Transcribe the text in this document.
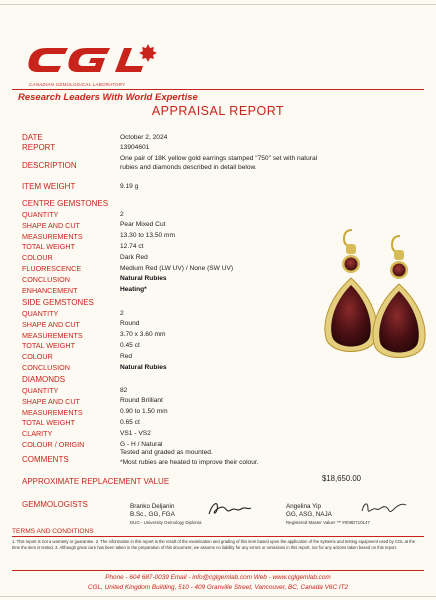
CANADIAN GEMOLOGICAL LABORATORY
Research Leaders With World Expertise
APPRAISAL REPORT
DATE	October 2, 2024
REPORT	13904601
DESCRIPTION
One pair of 18K yellow gold earrings stamped "750" set with natural rubies and diamonds described in detail below.
ITEM WEIGHT	9.19 g
CENTRE GEMSTONES
QUANTITY	2
SHAPE AND CUT	Pear Mixed Cut
MEASUREMENTS	13.30 to 13.50 mm
TOTAL WEIGHT	12.74 ct
COLOUR	Dark Red
FLUORESCENCE	Medium Red (LW UV) / None (SW UV)
CONCLUSION	Natural Rubies
ENHANCEMENT	Heating*
SIDE GEMSTONES
QUANTITY	2
SHAPE AND CUT	Round
MEASUREMENTS	3.70 x 3.60 mm
TOTAL WEIGHT	0.45 ct
COLOUR	Red
CONCLUSION	Natural Rubies
DIAMONDS
QUANTITY	82
SHAPE AND CUT	Round Brilliant
MEASUREMENTS	0.90 to 1.50 mm
TOTAL WEIGHT	0.65 ct
CLARITY	VS1 - VS2
COLOUR / ORIGIN	G - H / Natural
COMMENTS
Tested and graded as mounted.
*Most rubies are heated to improve their colour.
APPROXIMATE REPLACEMENT VALUE	$18,650.00
GEMMOLOGISTS	Branko Deljanin
B.Sc., GG, FGA
DUG - University Gemology Diploma
Angelina Yip
GG, ASG, NAJA
Registered Master Valuer ™ #009D710147
TERMS AND CONDITIONS
1. This report is not a warranty or guarantee. 2. The information in this report is the result of the examination and grading of this item based upon the application of the systems and testing equipment used by CGL at the time the item is tested. 3. Although great care has been taken in the preparation of this document, we assume no liability for any errors or omissions in this report, nor for any actions taken based on this report.
Phone - 604 687-0039 Email - info@cglgemlab.com Web - www.cglgemlab.com
CGL, United Kingdom Building, 510 - 409 Granville Street, Vancouver, BC, Canada V6C IT2
